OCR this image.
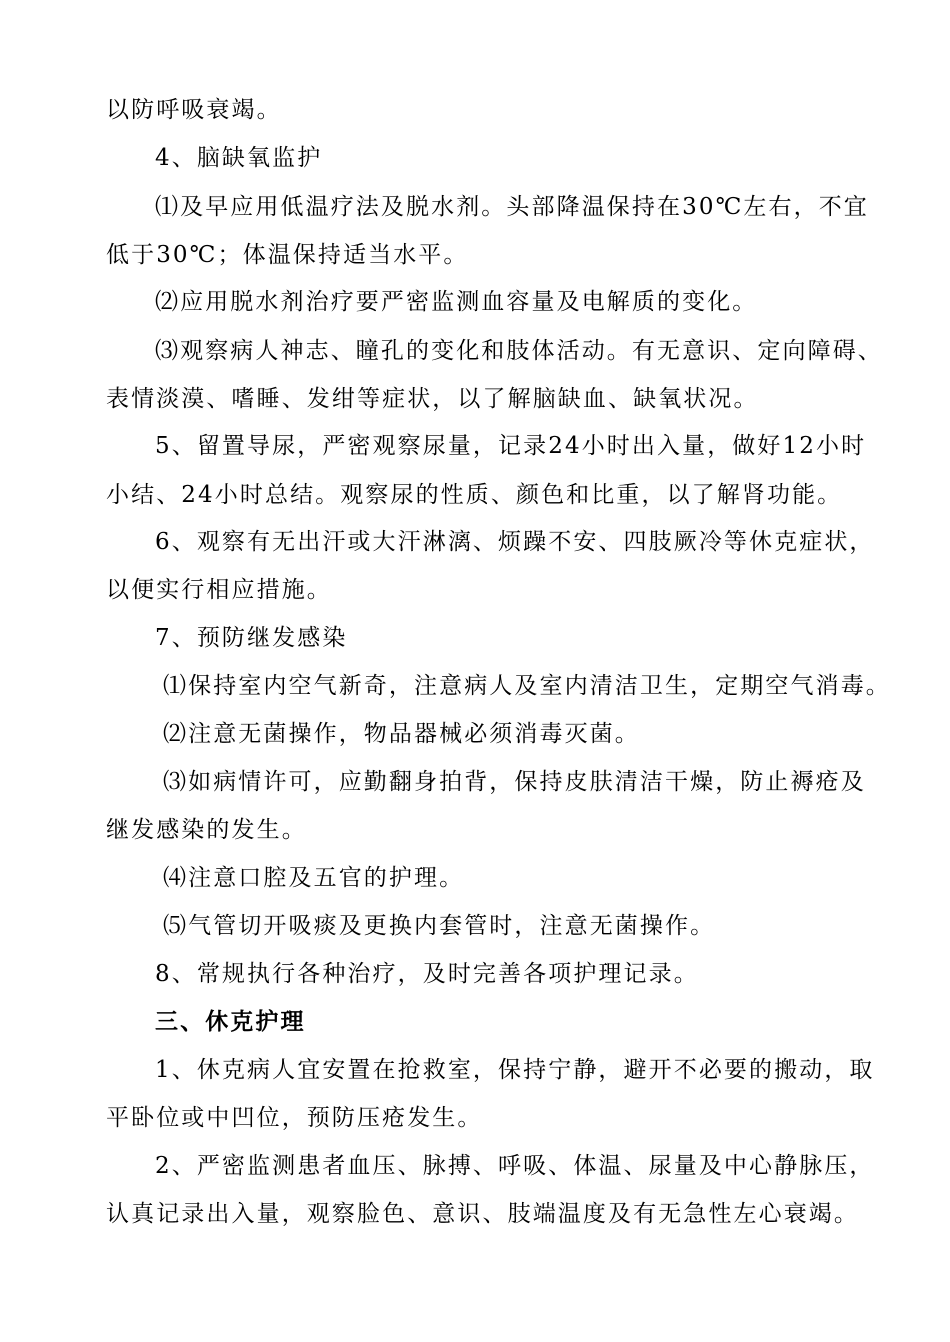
以防呼吸衰竭。
4、脑缺氧监护
⑴及早应用低温疗法及脱水剂。头部降温保持在30℃左右，不宜
低于30℃；体温保持适当水平。
⑵应用脱水剂治疗要严密监测血容量及电解质的变化。
⑶观察病人神志、瞳孔的变化和肢体活动。有无意识、定向障碍、
表情淡漠、嗜睡、发绀等症状，以了解脑缺血、缺氧状况。
5、留置导尿，严密观察尿量，记录24小时出入量，做好12小时
小结、24小时总结。观察尿的性质、颜色和比重，以了解肾功能。
6、观察有无出汗或大汗淋漓、烦躁不安、四肢厥冷等休克症状，
以便实行相应措施。
7、预防继发感染
⑴保持室内空气新奇，注意病人及室内清洁卫生，定期空气消毒。
⑵注意无菌操作，物品器械必须消毒灭菌。
⑶如病情许可，应勤翻身拍背，保持皮肤清洁干燥，防止褥疮及
继发感染的发生。
⑷注意口腔及五官的护理。
⑸气管切开吸痰及更换内套管时，注意无菌操作。
8、常规执行各种治疗，及时完善各项护理记录。
三、休克护理
1、休克病人宜安置在抢救室，保持宁静，避开不必要的搬动，取
平卧位或中凹位，预防压疮发生。
2、严密监测患者血压、脉搏、呼吸、体温、尿量及中心静脉压，
认真记录出入量，观察脸色、意识、肢端温度及有无急性左心衰竭。
